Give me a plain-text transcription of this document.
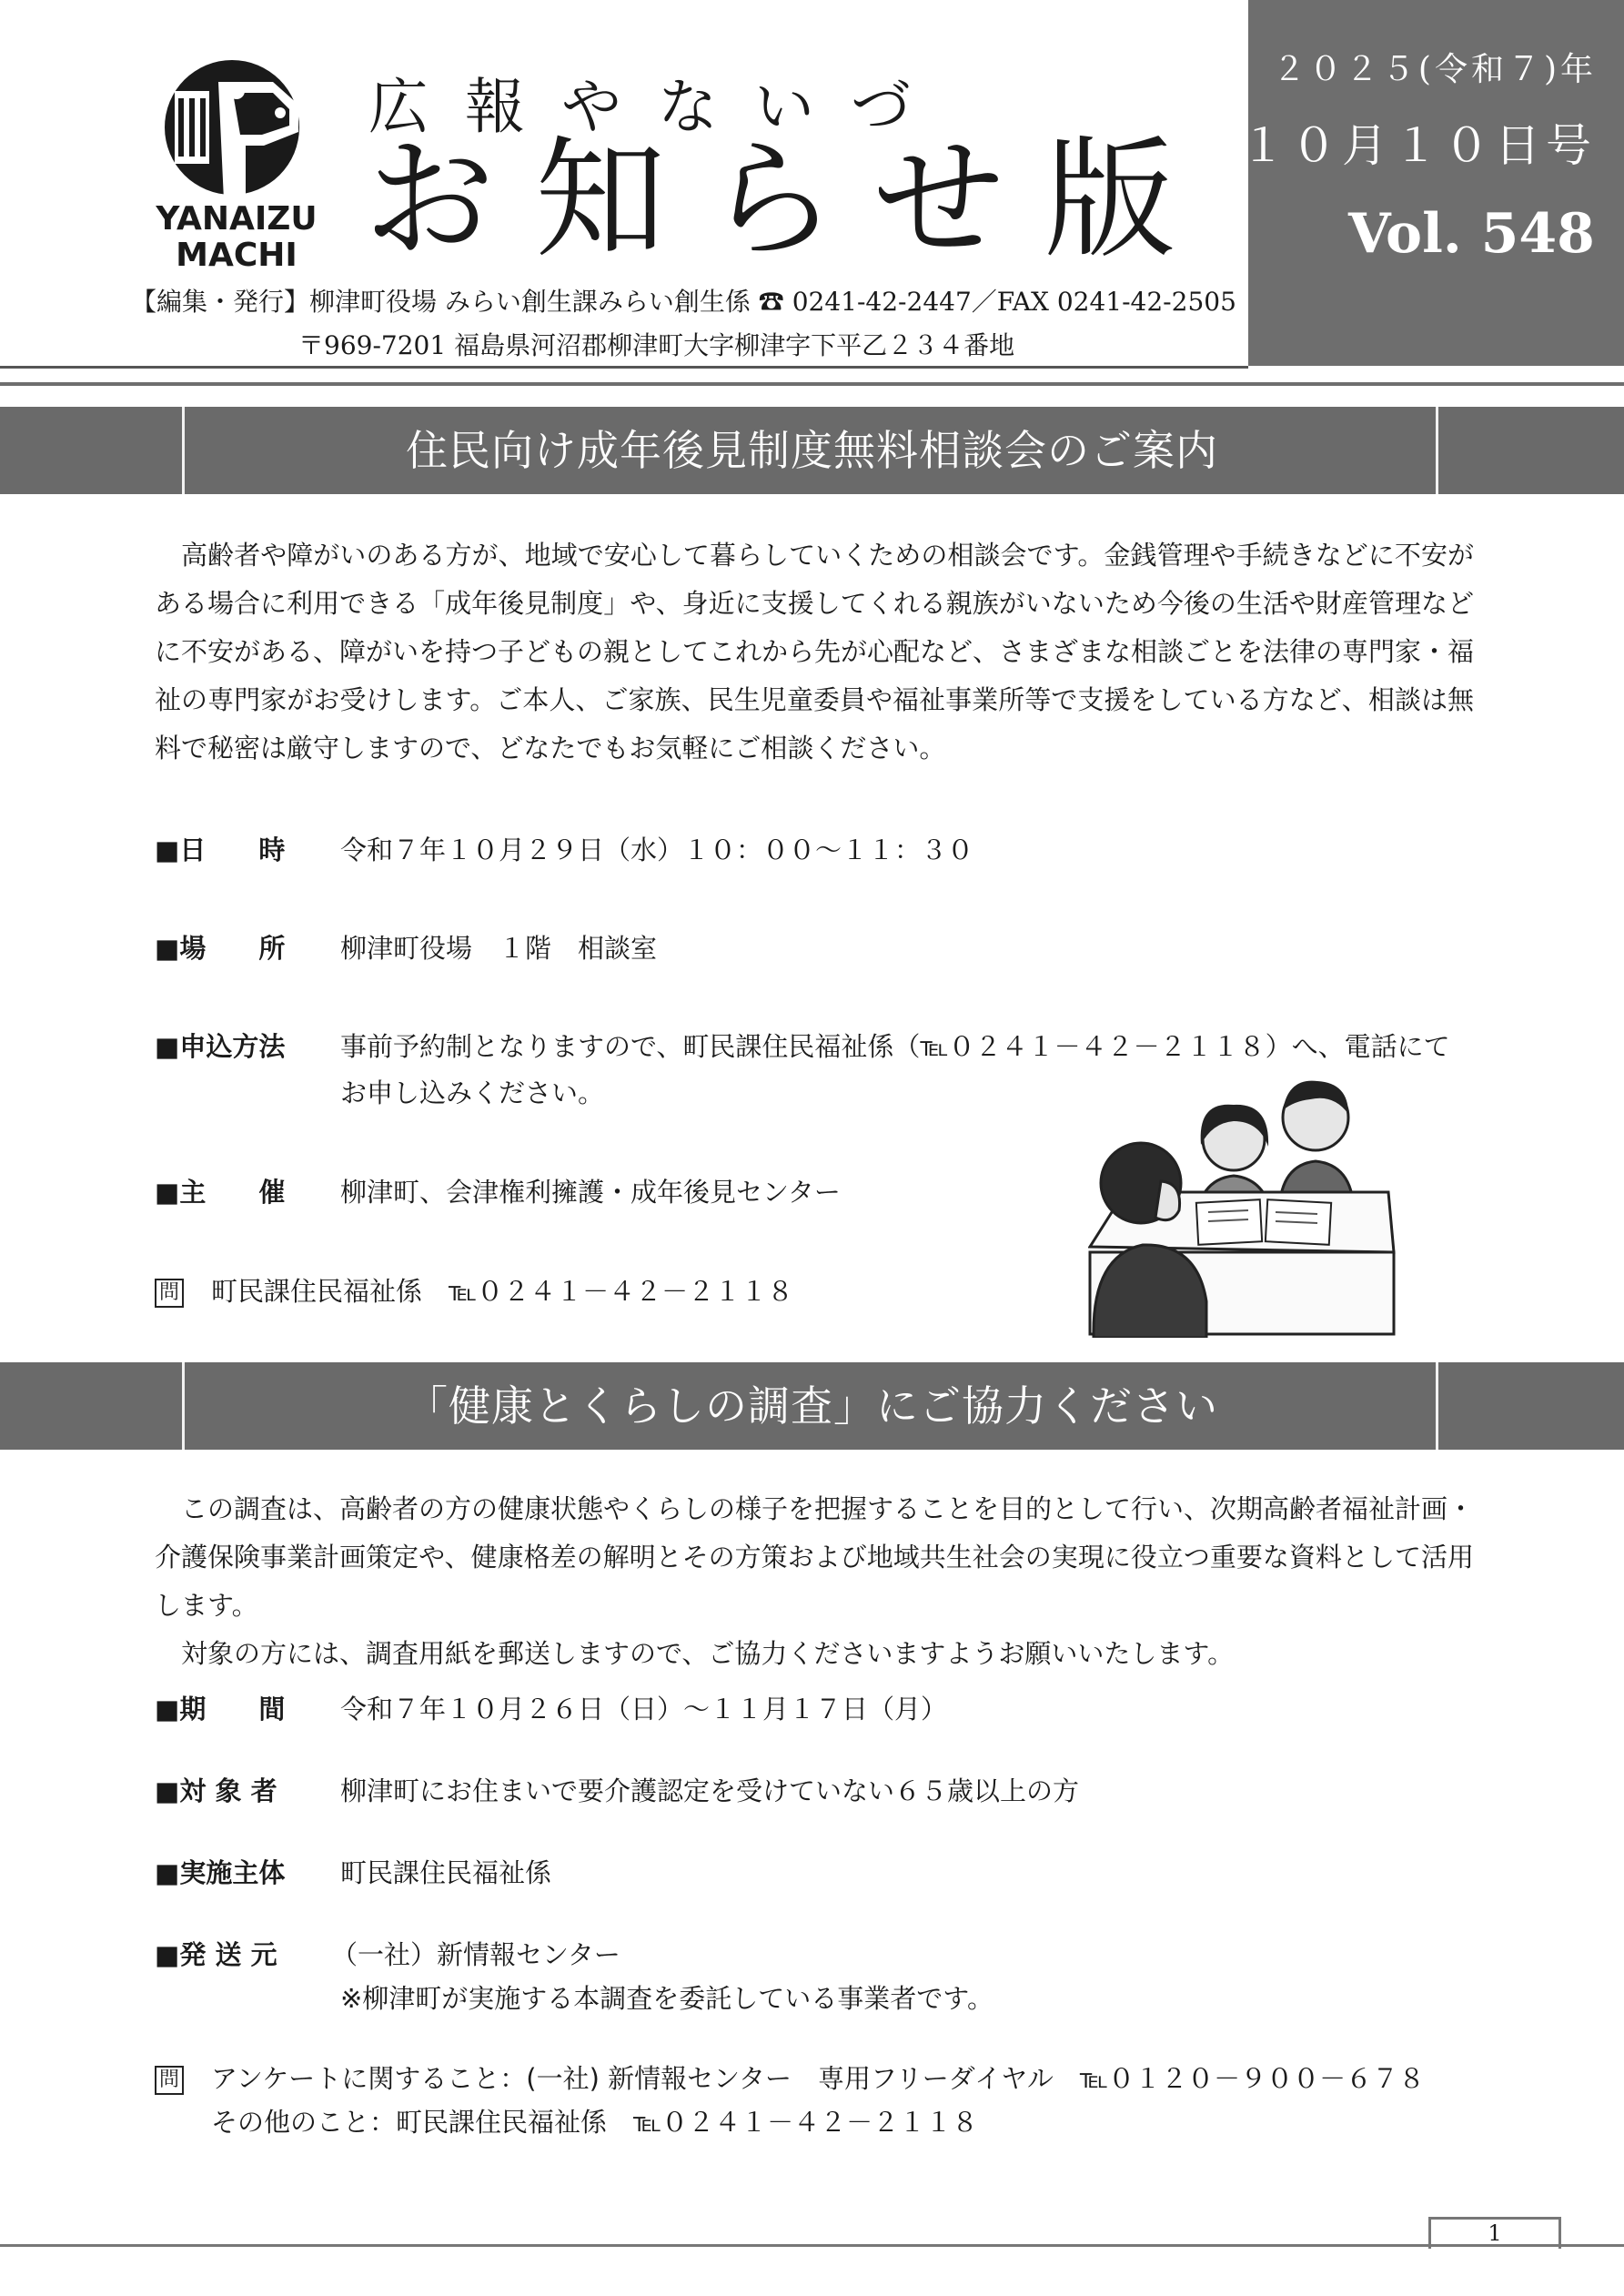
YANAIZU
MACHI
広報やないづ
お知らせ版
【編集・発行】柳津町役場 みらい創生課みらい創生係 ☎ 0241-42-2447／FAX 0241-42-2505
〒969-7201 福島県河沼郡柳津町大字柳津字下平乙２３４番地
２０２５(令和７)年
１０月１０日号
Vol. 548
住民向け成年後見制度無料相談会のご案内

高齢者や障がいのある方が、地域で安心して暮らしていくための相談会です。金銭管理や手続きなどに不安がある場合に利用できる「成年後見制度」や、身近に支援してくれる親族がいないため今後の生活や財産管理などに不安がある、障がいを持つ子どもの親としてこれから先が心配など、さまざまな相談ごとを法律の専門家・福祉の専門家がお受けします。ご本人、ご家族、民生児童委員や福祉事業所等で支援をしている方など、相談は無料で秘密は厳守しますので、どなたでもお気軽にご相談ください。

■日　　時 令和７年１０月２９日（水）１０：００～１１：３０
■場　　所 柳津町役場　１階　相談室
■申込方法 事前予約制となりますので、町民課住民福祉係（℡０２４１－４２－２１１８）へ、電話にて
お申し込みください。
■主　　催 柳津町、会津権利擁護・成年後見センター
問 町民課住民福祉係　℡０２４１－４２－２１１８
「健康とくらしの調査」にご協力ください

この調査は、高齢者の方の健康状態やくらしの様子を把握することを目的として行い、次期高齢者福祉計画・介護保険事業計画策定や、健康格差の解明とその方策および地域共生社会の実現に役立つ重要な資料として活用します。

対象の方には、調査用紙を郵送しますので、ご協力くださいますようお願いいたします。

■期　　間 令和７年１０月２６日（日）～１１月１７日（月）
■対 象 者 柳津町にお住まいで要介護認定を受けていない６５歳以上の方
■実施主体 町民課住民福祉係
■発 送 元 （一社）新情報センター
※柳津町が実施する本調査を委託している事業者です。
問 アンケートに関すること：(一社) 新情報センター　専用フリーダイヤル　℡０１２０－９００－６７８
その他のこと：町民課住民福祉係　℡０２４１－４２－２１１８
1
